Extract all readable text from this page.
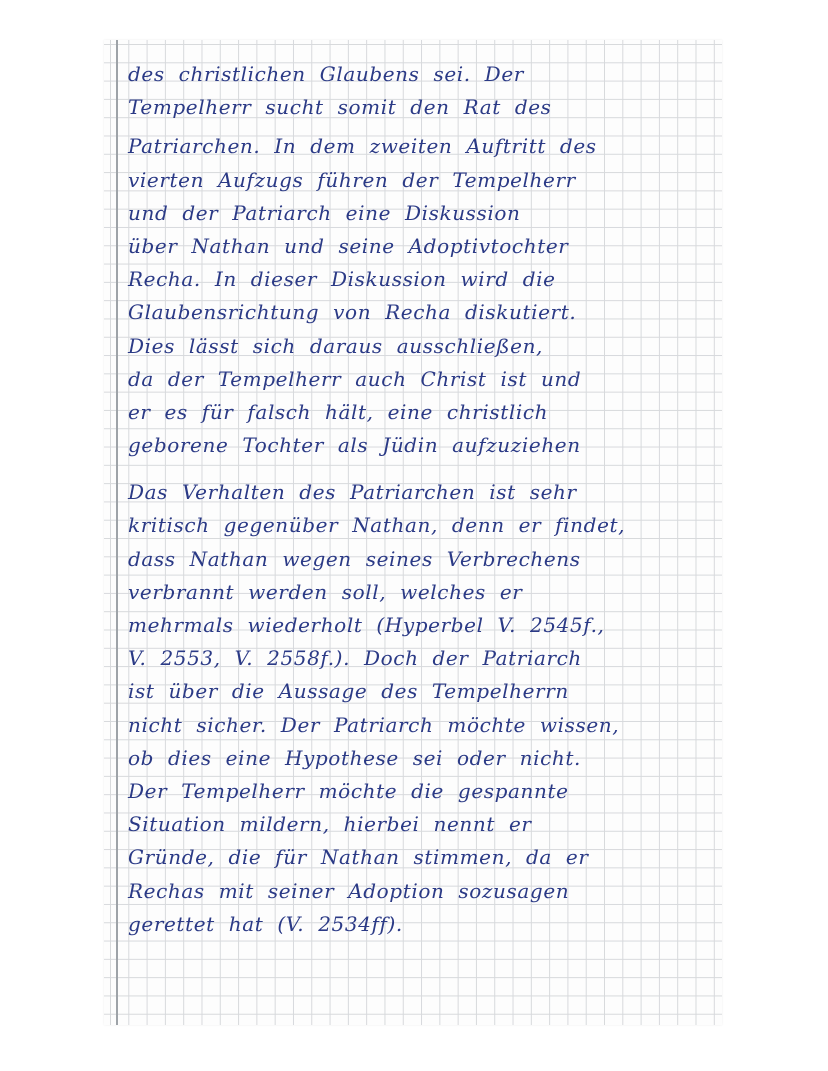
des christlichen Glaubens sei. Der
Tempelherr sucht somit den Rat des
Patriarchen. In dem zweiten Auftritt des
vierten Aufzugs führen der Tempelherr
und der Patriarch eine Diskussion
über Nathan und seine Adoptivtochter
Recha. In dieser Diskussion wird die
Glaubensrichtung von Recha diskutiert.
Dies lässt sich daraus ausschließen,
da der Tempelherr auch Christ ist und
er es für falsch hält, eine christlich
geborene Tochter als Jüdin aufzuziehen
Das Verhalten des Patriarchen ist sehr
kritisch gegenüber Nathan, denn er findet,
dass Nathan wegen seines Verbrechens
verbrannt werden soll, welches er
mehrmals wiederholt (Hyperbel V. 2545f.,
V. 2553, V. 2558f.). Doch der Patriarch
ist über die Aussage des Tempelherrn
nicht sicher. Der Patriarch möchte wissen,
ob dies eine Hypothese sei oder nicht.
Der Tempelherr möchte die gespannte
Situation mildern, hierbei nennt er
Gründe, die für Nathan stimmen, da er
Rechas mit seiner Adoption sozusagen
gerettet hat (V. 2534ff).
